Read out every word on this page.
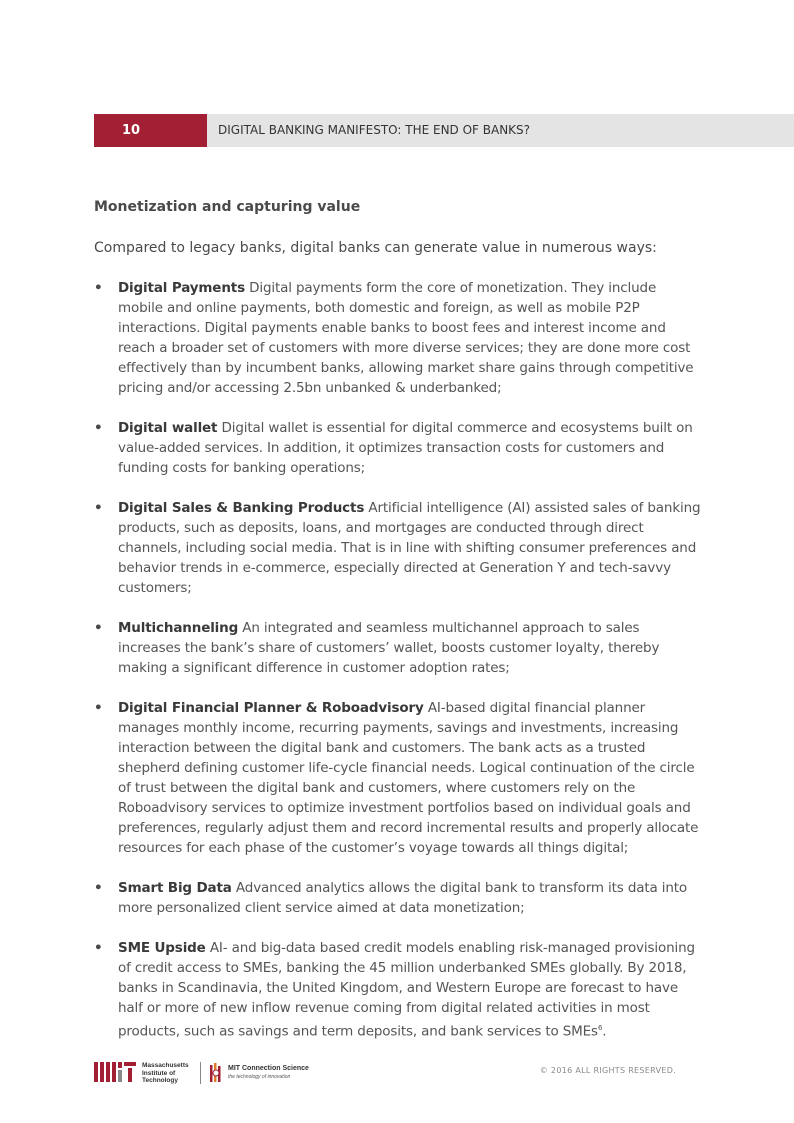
10	DIGITAL BANKING MANIFESTO: THE END OF BANKS?
Monetization and capturing value
Compared to legacy banks, digital banks can generate value in numerous ways:
• Digital Payments Digital payments form the core of monetization. They include mobile and online payments, both domestic and foreign, as well as mobile P2P interactions. Digital payments enable banks to boost fees and interest income and reach a broader set of customers with more diverse services; they are done more cost effectively than by incumbent banks, allowing market share gains through competitive pricing and/or accessing 2.5bn unbanked & underbanked;
• Digital wallet Digital wallet is essential for digital commerce and ecosystems built on value-added services. In addition, it optimizes transaction costs for customers and funding costs for banking operations;
• Digital Sales & Banking Products Artificial intelligence (AI) assisted sales of banking products, such as deposits, loans, and mortgages are conducted through direct channels, including social media. That is in line with shifting consumer preferences and behavior trends in e-commerce, especially directed at Generation Y and tech-savvy customers;
• Multichanneling An integrated and seamless multichannel approach to sales increases the bank’s share of customers’ wallet, boosts customer loyalty, thereby making a significant difference in customer adoption rates;
• Digital Financial Planner & Roboadvisory AI-based digital financial planner manages monthly income, recurring payments, savings and investments, increasing interaction between the digital bank and customers. The bank acts as a trusted shepherd defining customer life-cycle financial needs. Logical continuation of the circle of trust between the digital bank and customers, where customers rely on the Roboadvisory services to optimize investment portfolios based on individual goals and preferences, regularly adjust them and record incremental results and properly allocate resources for each phase of the customer’s voyage towards all things digital;
• Smart Big Data Advanced analytics allows the digital bank to transform its data into more personalized client service aimed at data monetization;
• SME Upside AI- and big-data based credit models enabling risk-managed provisioning of credit access to SMEs, banking the 45 million underbanked SMEs globally. By 2018, banks in Scandinavia, the United Kingdom, and Western Europe are forecast to have half or more of new inflow revenue coming from digital related activities in most products, such as savings and term deposits, and bank services to SMEs$^6$.
Massachusetts
Institute of
Technology
MIT Connection Science
the technology of innovation
© 2016 ALL RIGHTS RESERVED.
